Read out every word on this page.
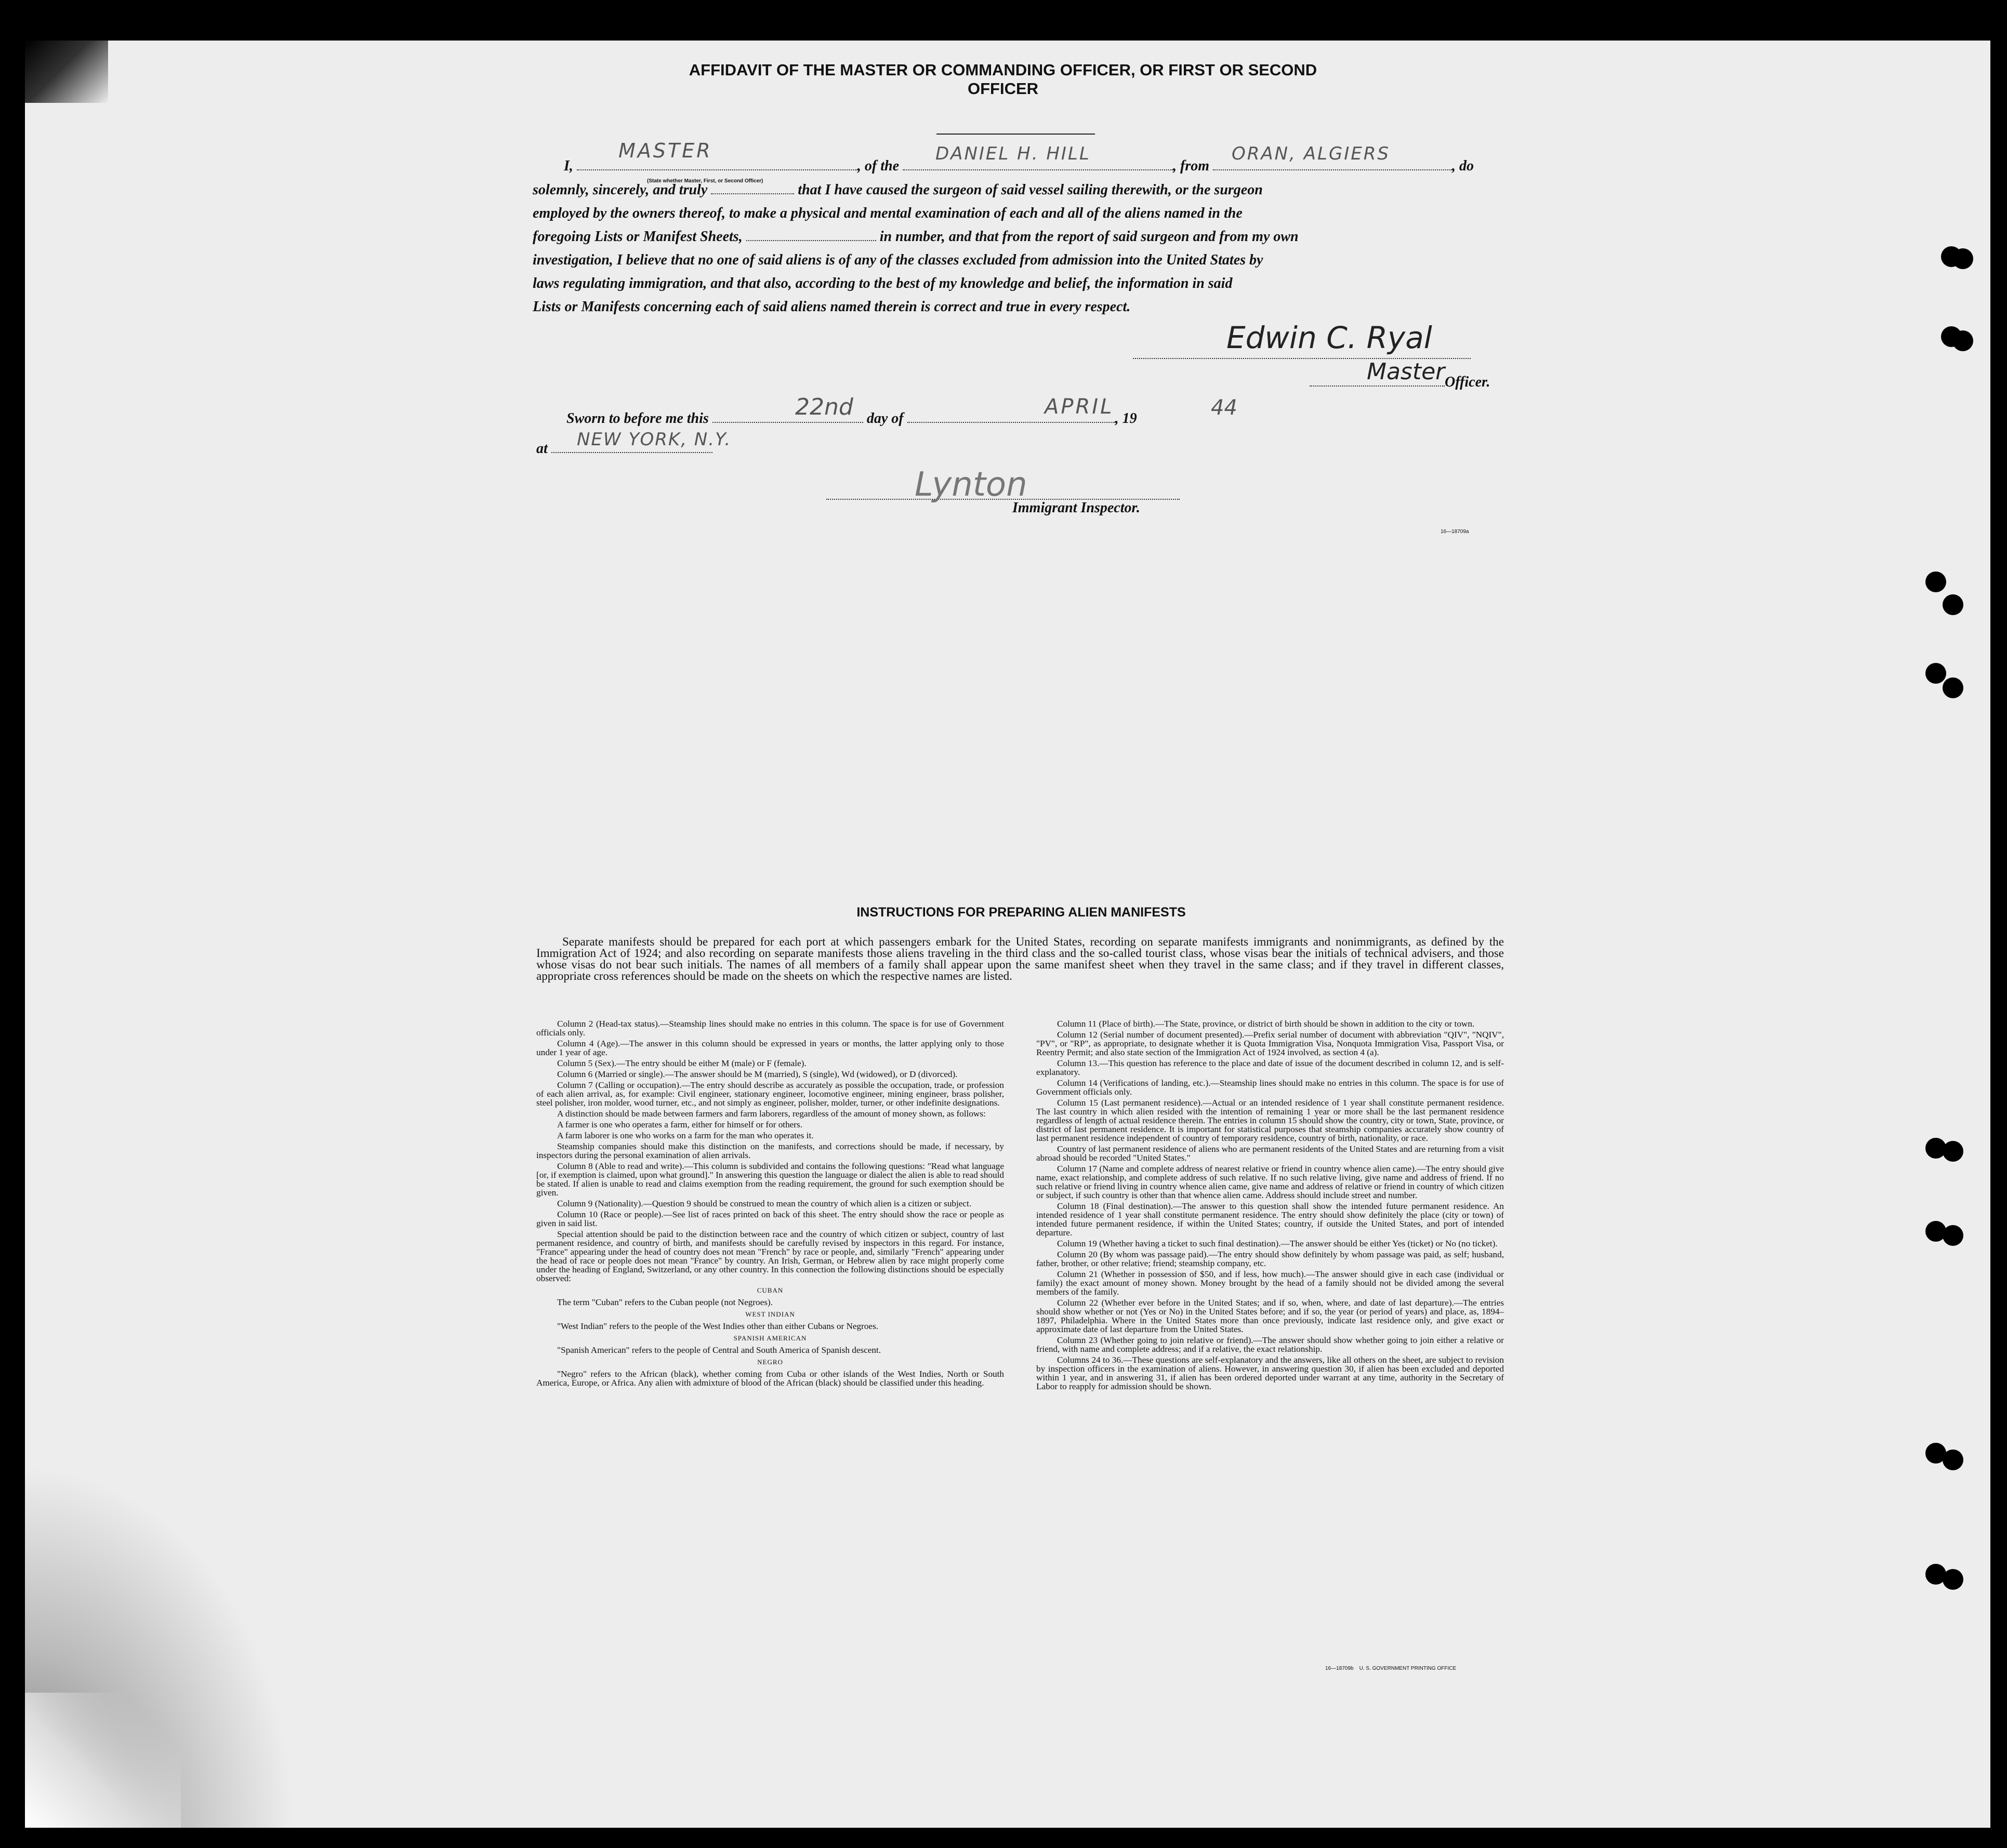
AFFIDAVIT OF THE MASTER OR COMMANDING OFFICER, OR FIRST OR SECOND OFFICER
I,	, of the	, from	, do
(State whether Master, First, or Second Officer)
MASTER	DANIEL H. HILL	ORAN, ALGIERS
solemnly, sincerely, and truly	that I have caused the surgeon of said vessel sailing therewith, or the surgeon
employed by the owners thereof, to make a physical and mental examination of each and all of the aliens named in the
foregoing Lists or Manifest Sheets,	in number, and that from the report of said surgeon and from my own
investigation, I believe that no one of said aliens is of any of the classes excluded from admission into the United States by
laws regulating immigration, and that also, according to the best of my knowledge and belief, the information in said
Lists or Manifests concerning each of said aliens named therein is correct and true in every respect.
Edwin C. Ryal
Master Officer.
Sworn to before me this	day of	, 19
22nd	APRIL	44
at	NEW YORK, N.Y.
Lynton
Immigrant Inspector.
16—18709a
INSTRUCTIONS FOR PREPARING ALIEN MANIFESTS
Separate manifests should be prepared for each port at which passengers embark for the United States, recording on separate manifests immigrants and nonimmigrants, as defined by the Immigration Act of 1924; and also recording on separate manifests those aliens traveling in the third class and the so-called tourist class, whose visas bear the initials of technical advisers, and those whose visas do not bear such initials. The names of all members of a family shall appear upon the same manifest sheet when they travel in the same class; and if they travel in different classes, appropriate cross references should be made on the sheets on which the respective names are listed.

Column 2 (Head-tax status).—Steamship lines should make no entries in this column. The space is for use of Government officials only.

Column 4 (Age).—The answer in this column should be expressed in years or months, the latter applying only to those under 1 year of age.

Column 5 (Sex).—The entry should be either M (male) or F (female).

Column 6 (Married or single).—The answer should be M (married), S (single), Wd (widowed), or D (divorced).

Column 7 (Calling or occupation).—The entry should describe as accurately as possible the occupation, trade, or profession of each alien arrival, as, for example: Civil engineer, stationary engineer, locomotive engineer, mining engineer, brass polisher, steel polisher, iron molder, wood turner, etc., and not simply as engineer, polisher, molder, turner, or other indefinite designations.

A distinction should be made between farmers and farm laborers, regardless of the amount of money shown, as follows:

A farmer is one who operates a farm, either for himself or for others.

A farm laborer is one who works on a farm for the man who operates it.

Steamship companies should make this distinction on the manifests, and corrections should be made, if necessary, by inspectors during the personal examination of alien arrivals.

Column 8 (Able to read and write).—This column is subdivided and contains the following questions: "Read what language [or, if exemption is claimed, upon what ground]." In answering this question the language or dialect the alien is able to read should be stated. If alien is unable to read and claims exemption from the reading requirement, the ground for such exemption should be given.

Column 9 (Nationality).—Question 9 should be construed to mean the country of which alien is a citizen or subject.

Column 10 (Race or people).—See list of races printed on back of this sheet. The entry should show the race or people as given in said list.

Special attention should be paid to the distinction between race and the country of which citizen or subject, country of last permanent residence, and country of birth, and manifests should be carefully revised by inspectors in this regard. For instance, "France" appearing under the head of country does not mean "French" by race or people, and, similarly "French" appearing under the head of race or people does not mean "France" by country. An Irish, German, or Hebrew alien by race might properly come under the heading of England, Switzerland, or any other country. In this connection the following distinctions should be especially observed:

CUBAN

The term "Cuban" refers to the Cuban people (not Negroes).

WEST INDIAN

"West Indian" refers to the people of the West Indies other than either Cubans or Negroes.

SPANISH AMERICAN

"Spanish American" refers to the people of Central and South America of Spanish descent.

NEGRO

"Negro" refers to the African (black), whether coming from Cuba or other islands of the West Indies, North or South America, Europe, or Africa. Any alien with admixture of blood of the African (black) should be classified under this heading.

Column 11 (Place of birth).—The State, province, or district of birth should be shown in addition to the city or town.

Column 12 (Serial number of document presented).—Prefix serial number of document with abbreviation "QIV", "NQIV", "PV", or "RP", as appropriate, to designate whether it is Quota Immigration Visa, Nonquota Immigration Visa, Passport Visa, or Reentry Permit; and also state section of the Immigration Act of 1924 involved, as section 4 (a).

Column 13.—This question has reference to the place and date of issue of the document described in column 12, and is self-explanatory.

Column 14 (Verifications of landing, etc.).—Steamship lines should make no entries in this column. The space is for use of Government officials only.

Column 15 (Last permanent residence).—Actual or an intended residence of 1 year shall constitute permanent residence. The last country in which alien resided with the intention of remaining 1 year or more shall be the last permanent residence regardless of length of actual residence therein. The entries in column 15 should show the country, city or town, State, province, or district of last permanent residence. It is important for statistical purposes that steamship companies accurately show country of last permanent residence independent of country of temporary residence, country of birth, nationality, or race.

Country of last permanent residence of aliens who are permanent residents of the United States and are returning from a visit abroad should be recorded "United States."

Column 17 (Name and complete address of nearest relative or friend in country whence alien came).—The entry should give name, exact relationship, and complete address of such relative. If no such relative living, give name and address of friend. If no such relative or friend living in country whence alien came, give name and address of relative or friend in country of which citizen or subject, if such country is other than that whence alien came. Address should include street and number.

Column 18 (Final destination).—The answer to this question shall show the intended future permanent residence. An intended residence of 1 year shall constitute permanent residence. The entry should show definitely the place (city or town) of intended future permanent residence, if within the United States; country, if outside the United States, and port of intended departure.

Column 19 (Whether having a ticket to such final destination).—The answer should be either Yes (ticket) or No (no ticket).

Column 20 (By whom was passage paid).—The entry should show definitely by whom passage was paid, as self; husband, father, brother, or other relative; friend; steamship company, etc.

Column 21 (Whether in possession of $50, and if less, how much).—The answer should give in each case (individual or family) the exact amount of money shown. Money brought by the head of a family should not be divided among the several members of the family.

Column 22 (Whether ever before in the United States; and if so, when, where, and date of last departure).—The entries should show whether or not (Yes or No) in the United States before; and if so, the year (or period of years) and place, as, 1894–1897, Philadelphia. Where in the United States more than once previously, indicate last residence only, and give exact or approximate date of last departure from the United States.

Column 23 (Whether going to join relative or friend).—The answer should show whether going to join either a relative or friend, with name and complete address; and if a relative, the exact relationship.

Columns 24 to 36.—These questions are self-explanatory and the answers, like all others on the sheet, are subject to revision by inspection officers in the examination of aliens. However, in answering question 30, if alien has been excluded and deported within 1 year, and in answering 31, if alien has been ordered deported under warrant at any time, authority in the Secretary of Labor to reapply for admission should be shown.

16—18709b U. S. GOVERNMENT PRINTING OFFICE
